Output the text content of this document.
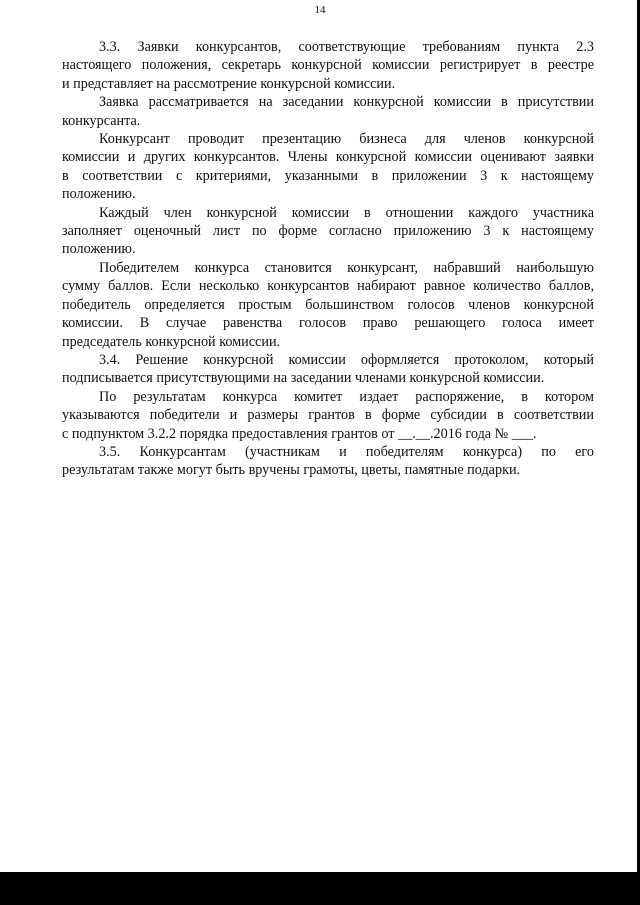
14

3.3. Заявки конкурсантов, соответствующие требованиям пункта 2.3
настоящего положения, секретарь конкурсной комиссии регистрирует в реестре
и представляет на рассмотрение конкурсной комиссии.

Заявка рассматривается на заседании конкурсной комиссии в присутствии
конкурсанта.

Конкурсант проводит презентацию бизнеса для членов конкурсной
комиссии и других конкурсантов. Члены конкурсной комиссии оценивают заявки
в соответствии с критериями, указанными в приложении 3 к настоящему
положению.

Каждый член конкурсной комиссии в отношении каждого участника
заполняет оценочный лист по форме согласно приложению 3 к настоящему
положению.

Победителем конкурса становится конкурсант, набравший наибольшую
сумму баллов. Если несколько конкурсантов набирают равное количество баллов,
победитель определяется простым большинством голосов членов конкурсной
комиссии. В случае равенства голосов право решающего голоса имеет
председатель конкурсной комиссии.

3.4. Решение конкурсной комиссии оформляется протоколом, который
подписывается присутствующими на заседании членами конкурсной комиссии.

По результатам конкурса комитет издает распоряжение, в котором
указываются победители и размеры грантов в форме субсидии в соответствии
с подпунктом 3.2.2 порядка предоставления грантов от __.__.2016 года № ___.

3.5. Конкурсантам (участникам и победителям конкурса) по его
результатам также могут быть вручены грамоты, цветы, памятные подарки.
